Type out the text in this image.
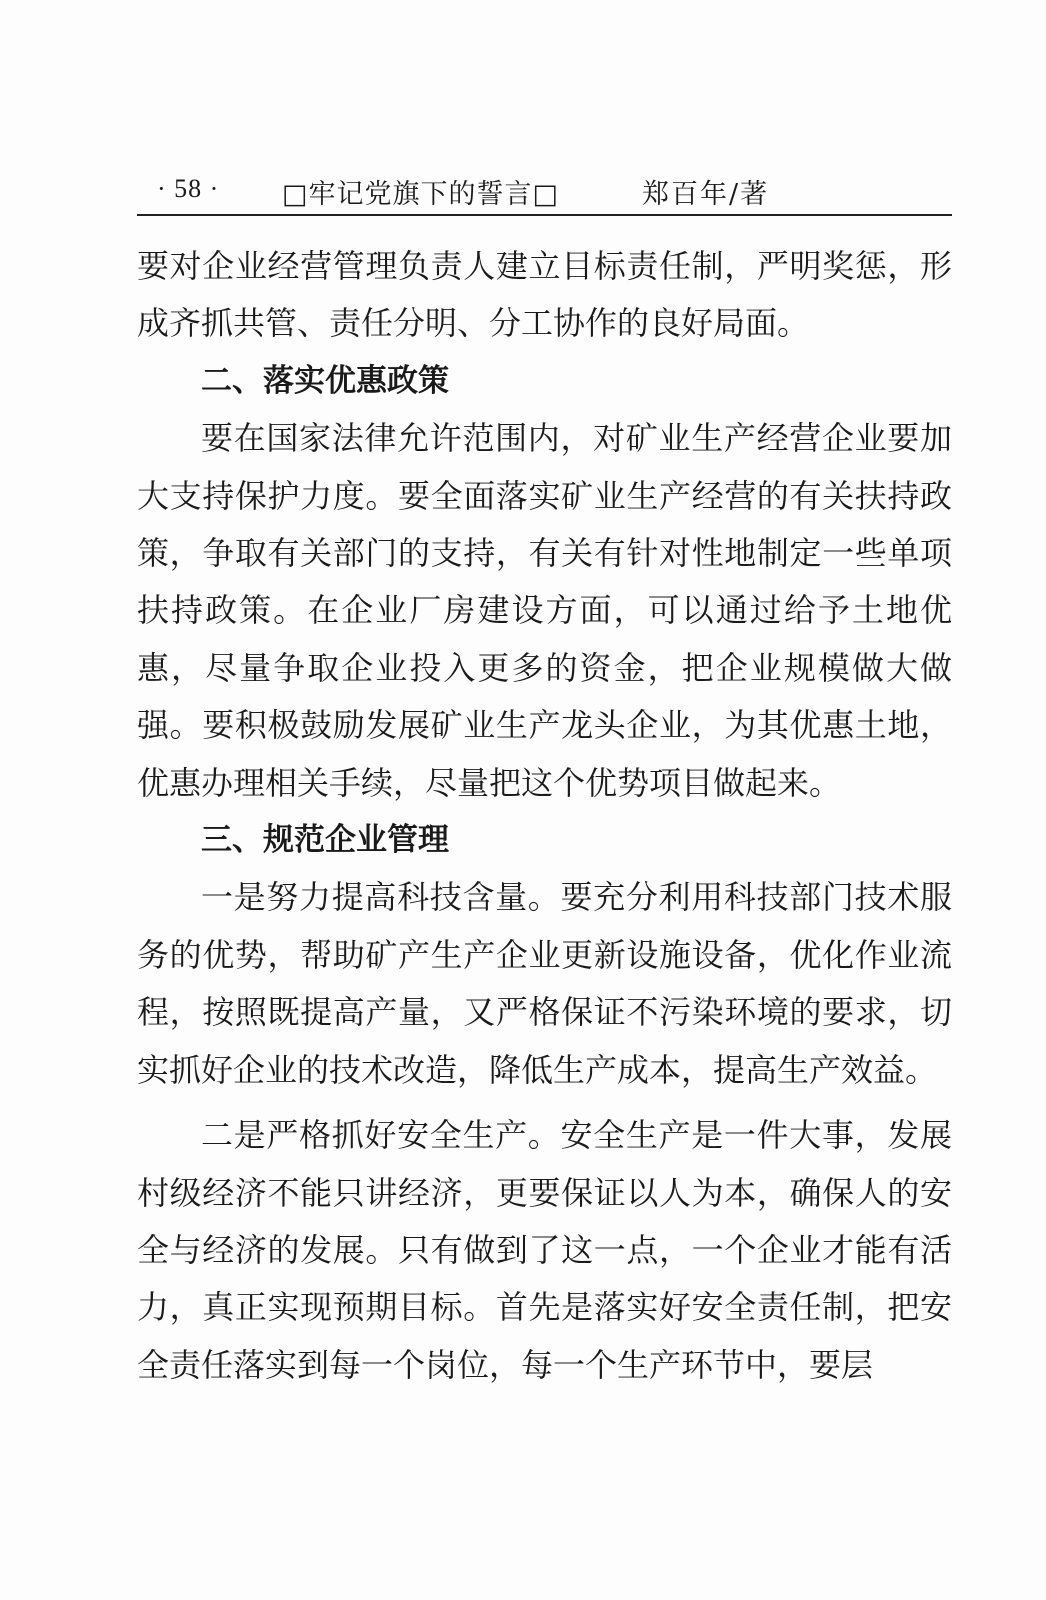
· 58 · □牢记党旗下的誓言□	郑百年/著

要对企业经营管理负责人建立目标责任制，严明奖惩，形成齐抓共管、责任分明、分工协作的良好局面。

二、落实优惠政策

要在国家法律允许范围内，对矿业生产经营企业要加大支持保护力度。要全面落实矿业生产经营的有关扶持政策，争取有关部门的支持，有关有针对性地制定一些单项扶持政策。在企业厂房建设方面，可以通过给予土地优惠，尽量争取企业投入更多的资金，把企业规模做大做强。要积极鼓励发展矿业生产龙头企业，为其优惠土地，优惠办理相关手续，尽量把这个优势项目做起来。

三、规范企业管理

一是努力提高科技含量。要充分利用科技部门技术服务的优势，帮助矿产生产企业更新设施设备，优化作业流程，按照既提高产量，又严格保证不污染环境的要求，切实抓好企业的技术改造，降低生产成本，提高生产效益。

二是严格抓好安全生产。安全生产是一件大事，发展村级经济不能只讲经济，更要保证以人为本，确保人的安全与经济的发展。只有做到了这一点，一个企业才能有活力，真正实现预期目标。首先是落实好安全责任制，把安全责任落实到每一个岗位，每一个生产环节中，要层
